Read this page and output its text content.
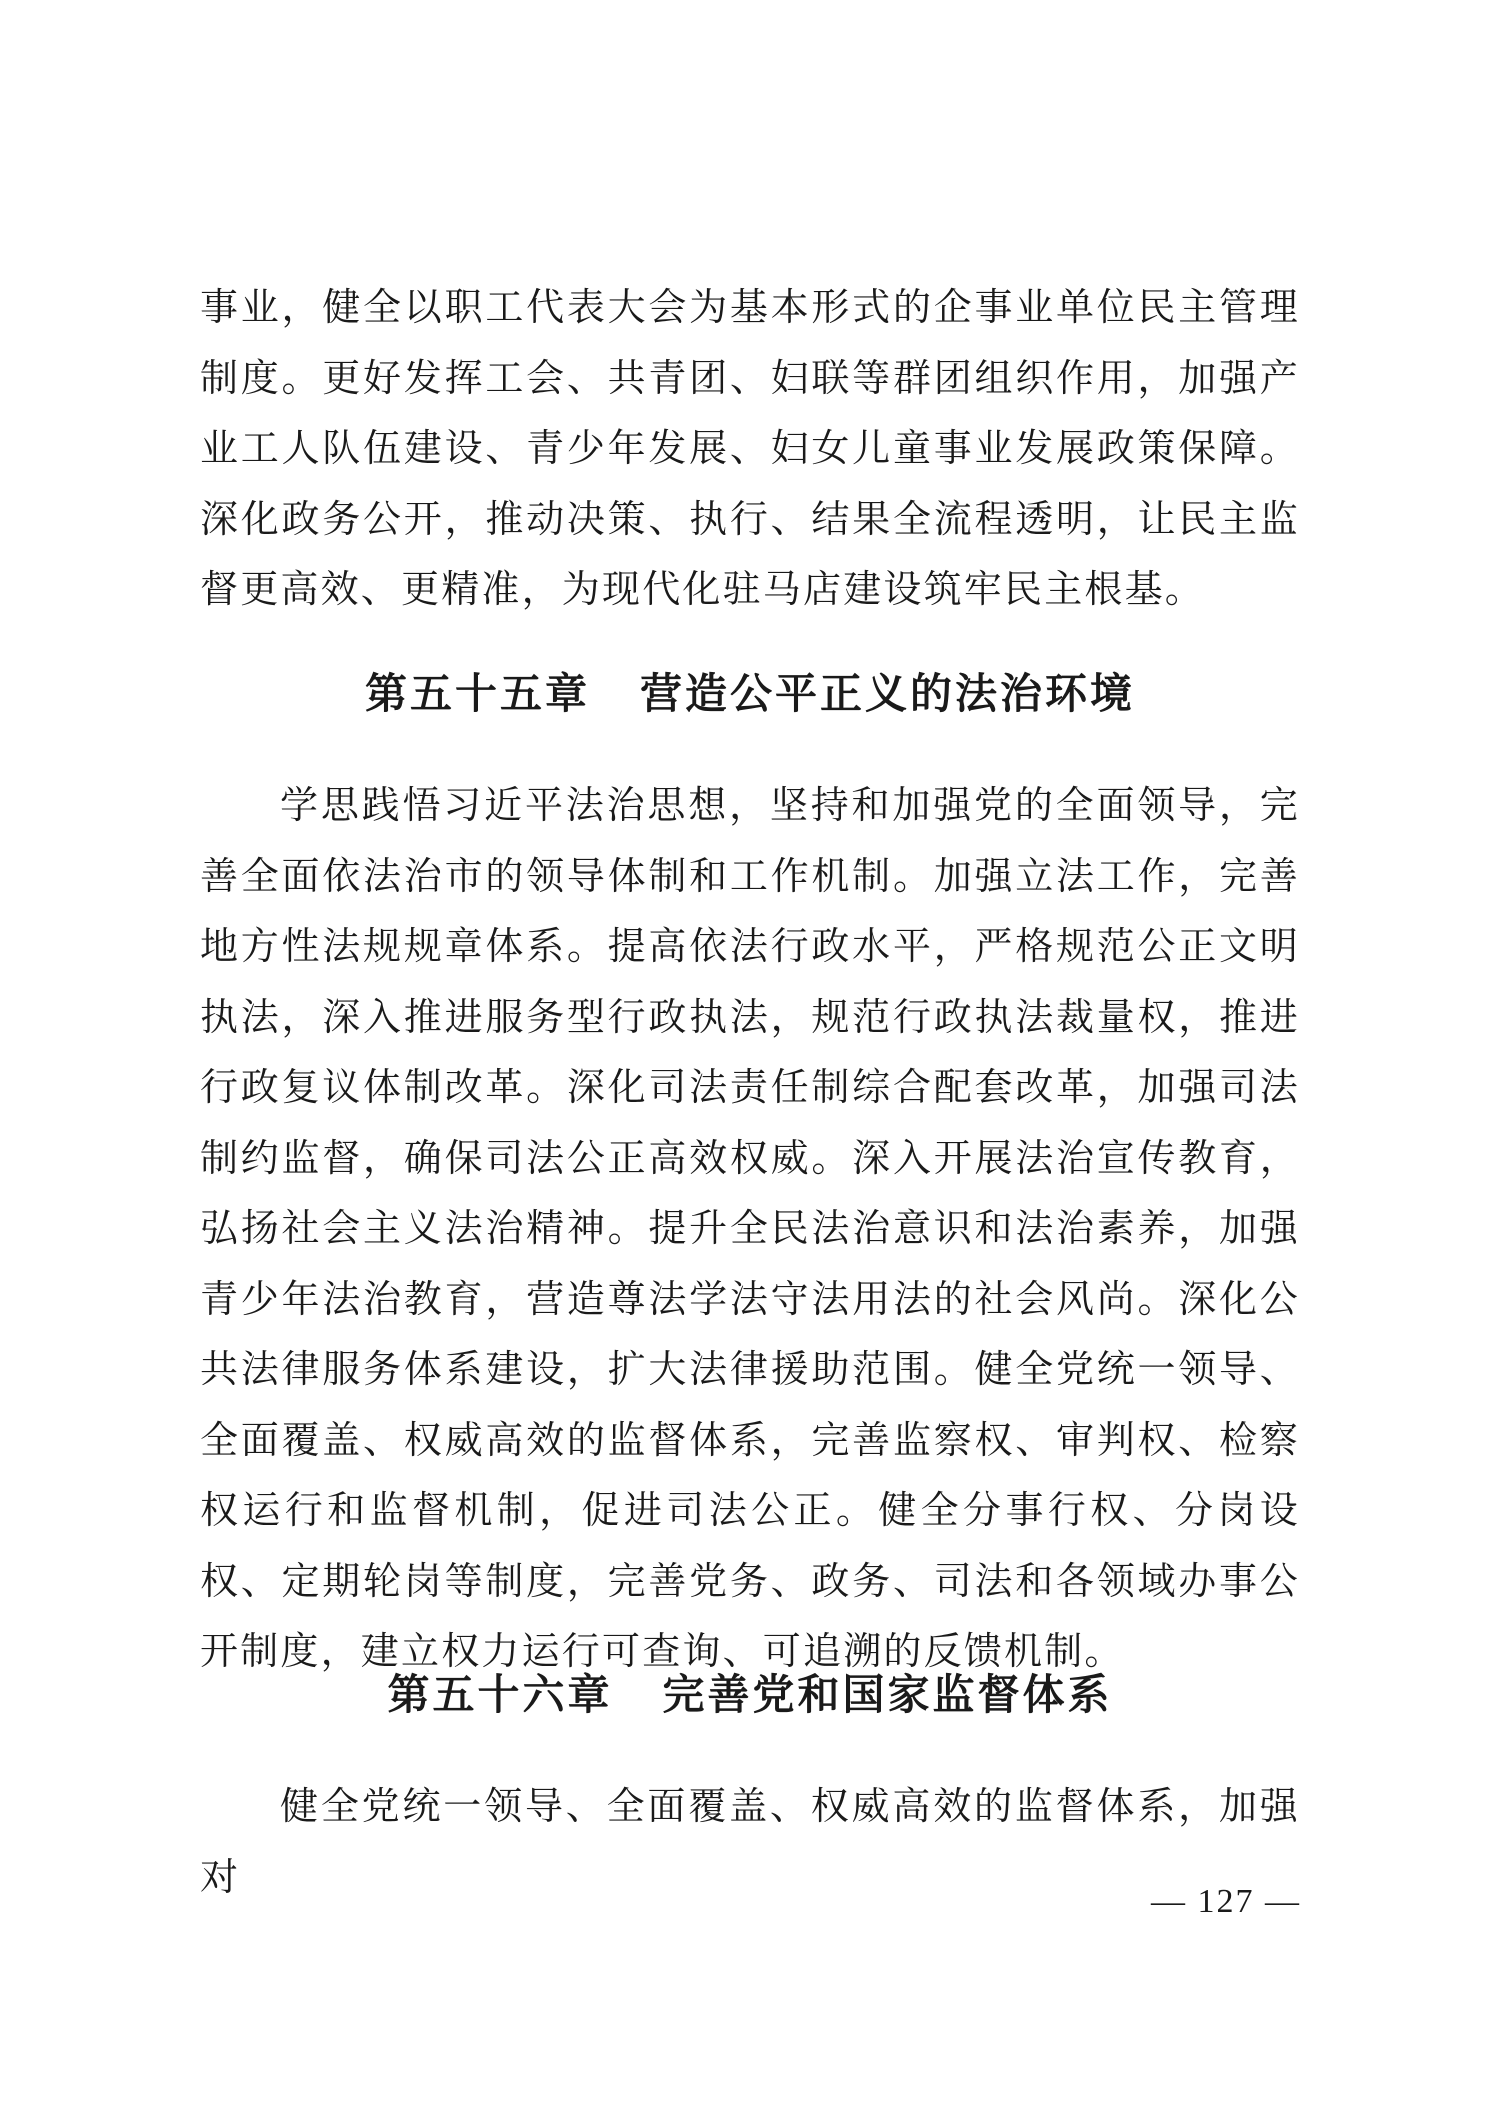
事业，健全以职工代表大会为基本形式的企事业单位民主管理制度。更好发挥工会、共青团、妇联等群团组织作用，加强产业工人队伍建设、青少年发展、妇女儿童事业发展政策保障。深化政务公开，推动决策、执行、结果全流程透明，让民主监督更高效、更精准，为现代化驻马店建设筑牢民主根基。

第五十五章 营造公平正义的法治环境

学思践悟习近平法治思想，坚持和加强党的全面领导，完善全面依法治市的领导体制和工作机制。加强立法工作，完善地方性法规规章体系。提高依法行政水平，严格规范公正文明执法，深入推进服务型行政执法，规范行政执法裁量权，推进行政复议体制改革。深化司法责任制综合配套改革，加强司法制约监督，确保司法公正高效权威。深入开展法治宣传教育，弘扬社会主义法治精神。提升全民法治意识和法治素养，加强青少年法治教育，营造尊法学法守法用法的社会风尚。深化公共法律服务体系建设，扩大法律援助范围。健全党统一领导、全面覆盖、权威高效的监督体系，完善监察权、审判权、检察权运行和监督机制，促进司法公正。健全分事行权、分岗设权、定期轮岗等制度，完善党务、政务、司法和各领域办事公开制度，建立权力运行可查询、可追溯的反馈机制。

第五十六章 完善党和国家监督体系

健全党统一领导、全面覆盖、权威高效的监督体系，加强对

— 127 —
